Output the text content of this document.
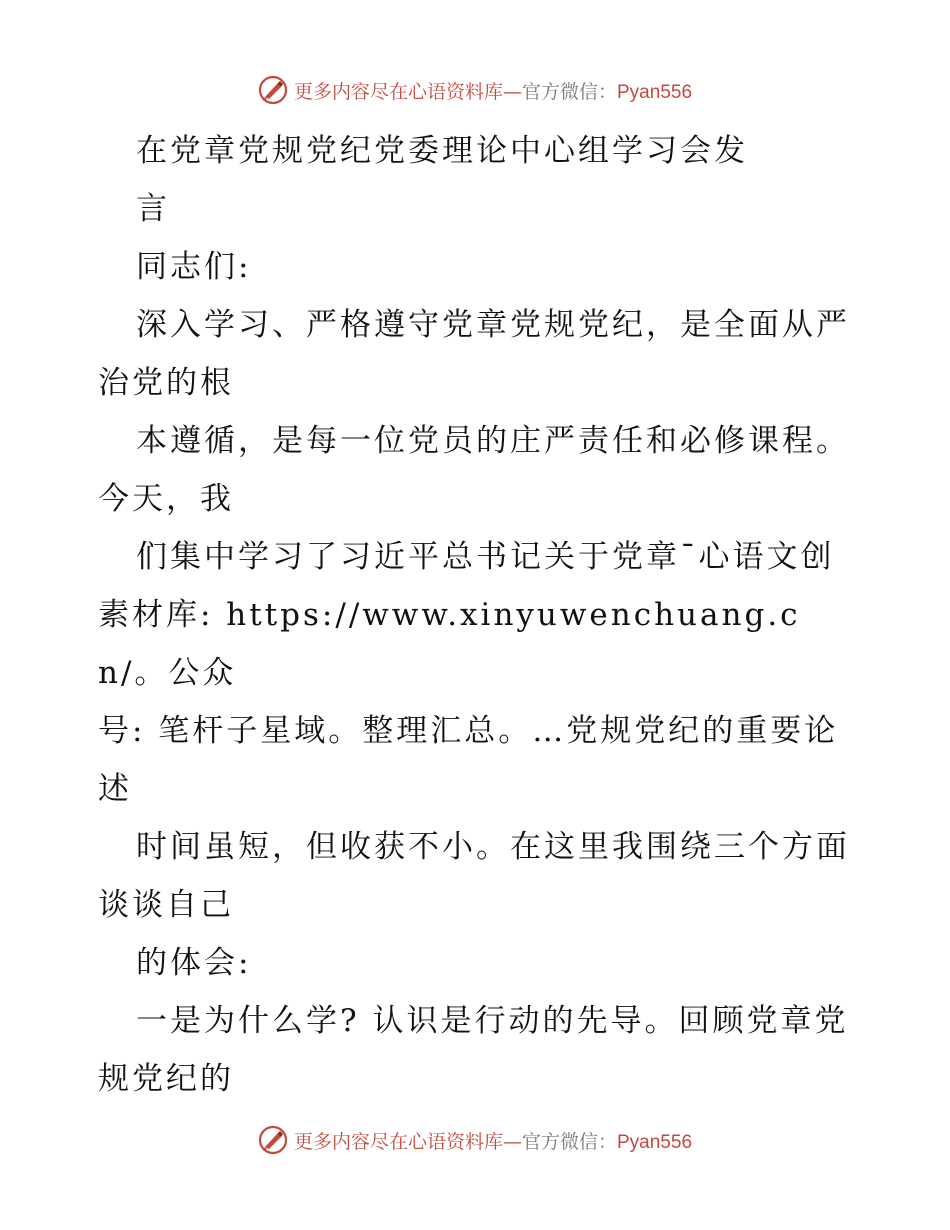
更多内容尽在心语资料库—官方微信：Pyan556

在党章党规党纪党委理论中心组学习会发

言

同志们:

深入学习、严格遵守党章党规党纪，是全面从严

治党的根

本遵循，是每一位党员的庄严责任和必修课程。

今天，我

们集中学习了习近平总书记关于党章¯心语文创

素材库: https://www.xinyuwenchuang.cn/。公众

号: 笔杆子星域。整理汇总。…党规党纪的重要论

述

时间虽短，但收获不小。在这里我围绕三个方面

谈谈自己

的体会:

一是为什么学? 认识是行动的先导。回顾党章党

规党纪的

更多内容尽在心语资料库—官方微信：Pyan556
